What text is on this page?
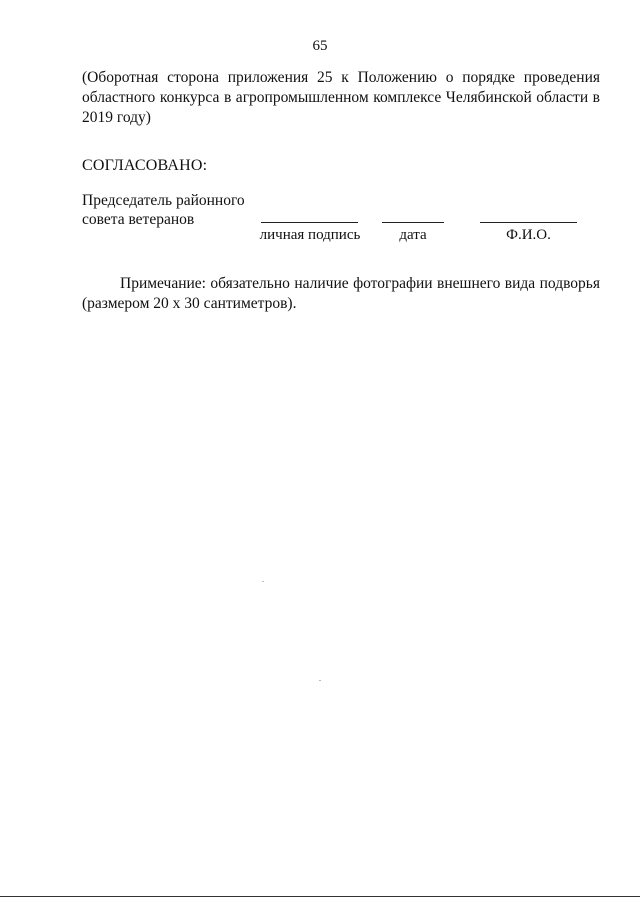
65
(Оборотная сторона приложения 25 к Положению о порядке проведения областного конкурса в агропромышленном комплексе Челябинской области в 2019 году)
СОГЛАСОВАНО:
Председатель районного
совета ветеранов
личная подпись	дата	Ф.И.О.
Примечание: обязательно наличие фотографии внешнего вида подворья (размером 20 х 30 сантиметров).
